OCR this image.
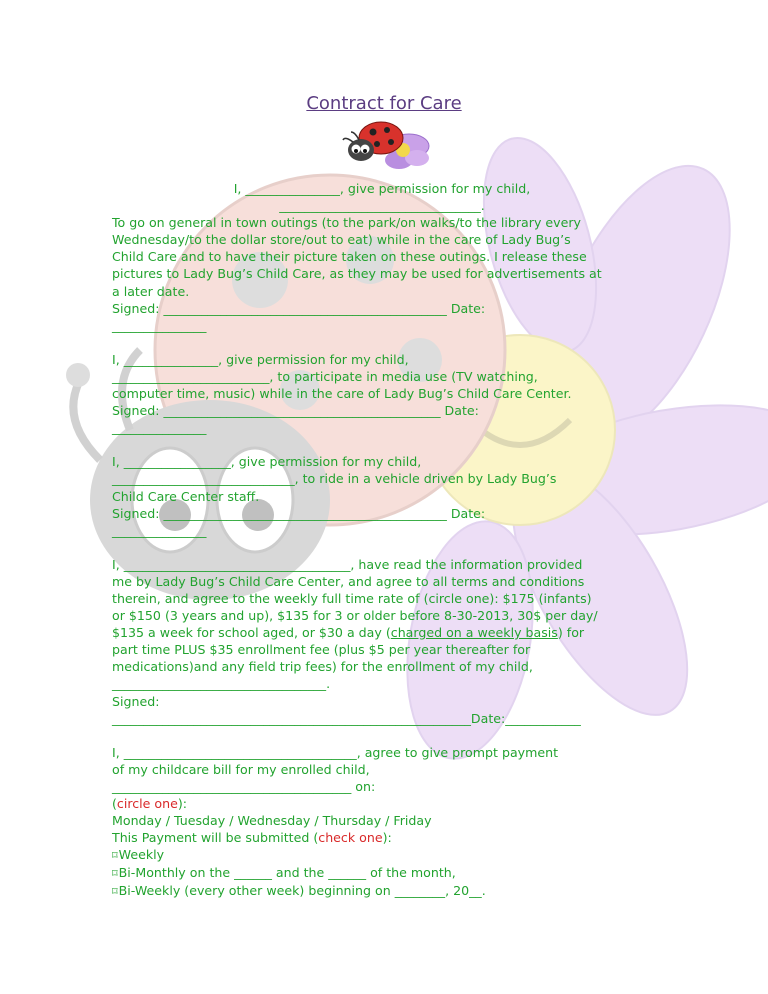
Contract for Care

I, _______________, give permission for my child,

________________________________.

To go on general in town outings (to the park/on walks/to the library every

Wednesday/to the dollar store/out to eat) while in the care of Lady Bug’s

Child Care and to have their picture taken on these outings. I release these

pictures to Lady Bug’s Child Care, as they may be used for advertisements at

a later date.

Signed: _____________________________________________ Date:

_______________

I, _______________, give permission for my child,

_________________________, to participate in media use (TV watching,

computer time, music) while in the care of Lady Bug’s Child Care Center.

Signed: ____________________________________________ Date:

_______________

I, _________________, give permission for my child,

_____________________________, to ride in a vehicle driven by Lady Bug’s

Child Care Center staff.

Signed: _____________________________________________ Date:

_______________

I, ____________________________________, have read the information provided

me by Lady Bug’s Child Care Center, and agree to all terms and conditions

therein, and agree to the weekly full time rate of (circle one): $175 (infants)

or $150 (3 years and up), $135 for 3 or older before 8-30-2013, 30$ per day/

$135 a week for school aged, or $30 a day (charged on a weekly basis) for

part time PLUS $35 enrollment fee (plus $5 per year thereafter for

medications)and any field trip fees) for the enrollment of my child,

__________________________________.

Signed:

_________________________________________________________Date:____________

I, _____________________________________, agree to give prompt payment

of my childcare bill for my enrolled child,

______________________________________ on:

(circle one):

Monday / Tuesday / Wednesday / Thursday / Friday

This Payment will be submitted (check one):

⌑Weekly

⌑Bi-Monthly on the ______ and the ______ of the month,

⌑Bi-Weekly (every other week) beginning on ________, 20__.
